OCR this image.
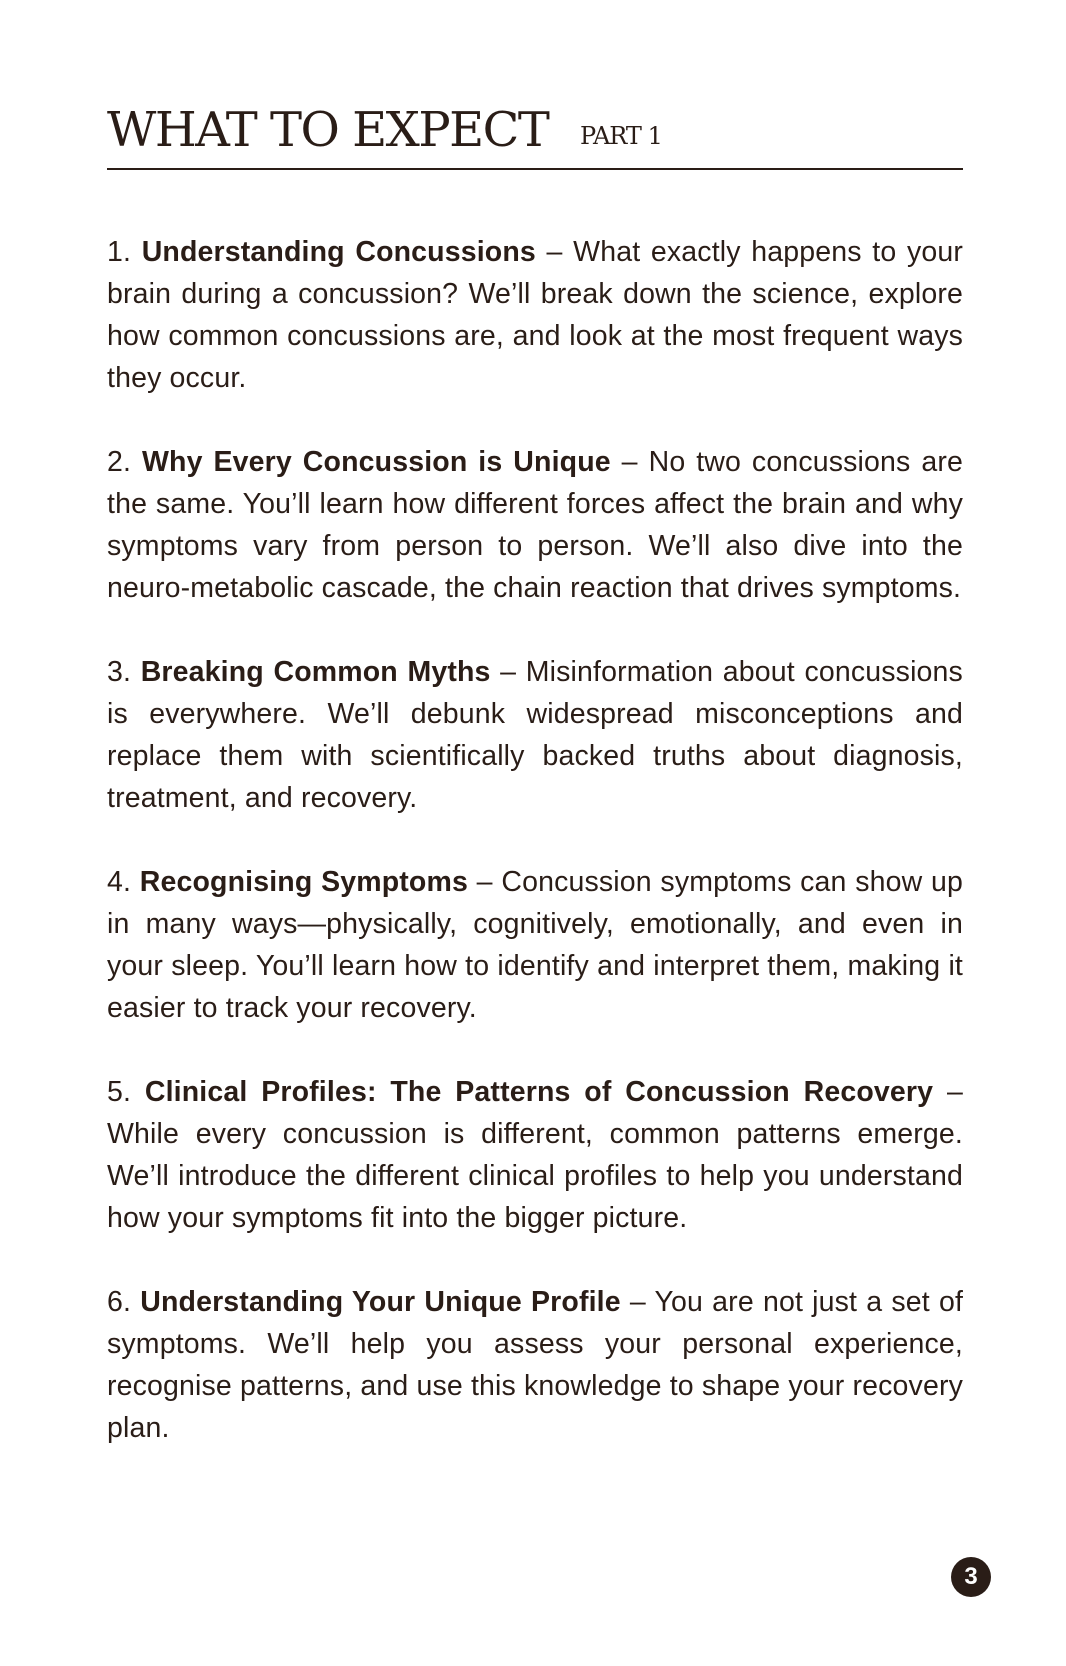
WHAT TO EXPECT PART 1

1. Understanding Concussions – What exactly happens to your brain during a concussion? We’ll break down the science, explore how common concussions are, and look at the most frequent ways they occur.

2. Why Every Concussion is Unique – No two concussions are the same. You’ll learn how different forces affect the brain and why symptoms vary from person to person. We’ll also dive into the neuro-metabolic cascade, the chain reaction that drives symptoms.

3. Breaking Common Myths – Misinformation about concussions is everywhere. We’ll debunk widespread misconceptions and replace them with scientifically backed truths about diagnosis, treatment, and recovery.

4. Recognising Symptoms – Concussion symptoms can show up in many ways—physically, cognitively, emotionally, and even in your sleep. You’ll learn how to identify and interpret them, making it easier to track your recovery.

5. Clinical Profiles: The Patterns of Concussion Recovery – While every concussion is different, common patterns emerge. We’ll introduce the different clinical profiles to help you understand how your symptoms fit into the bigger picture.

6. Understanding Your Unique Profile – You are not just a set of symptoms. We’ll help you assess your personal experience, recognise patterns, and use this knowledge to shape your recovery plan.

3
